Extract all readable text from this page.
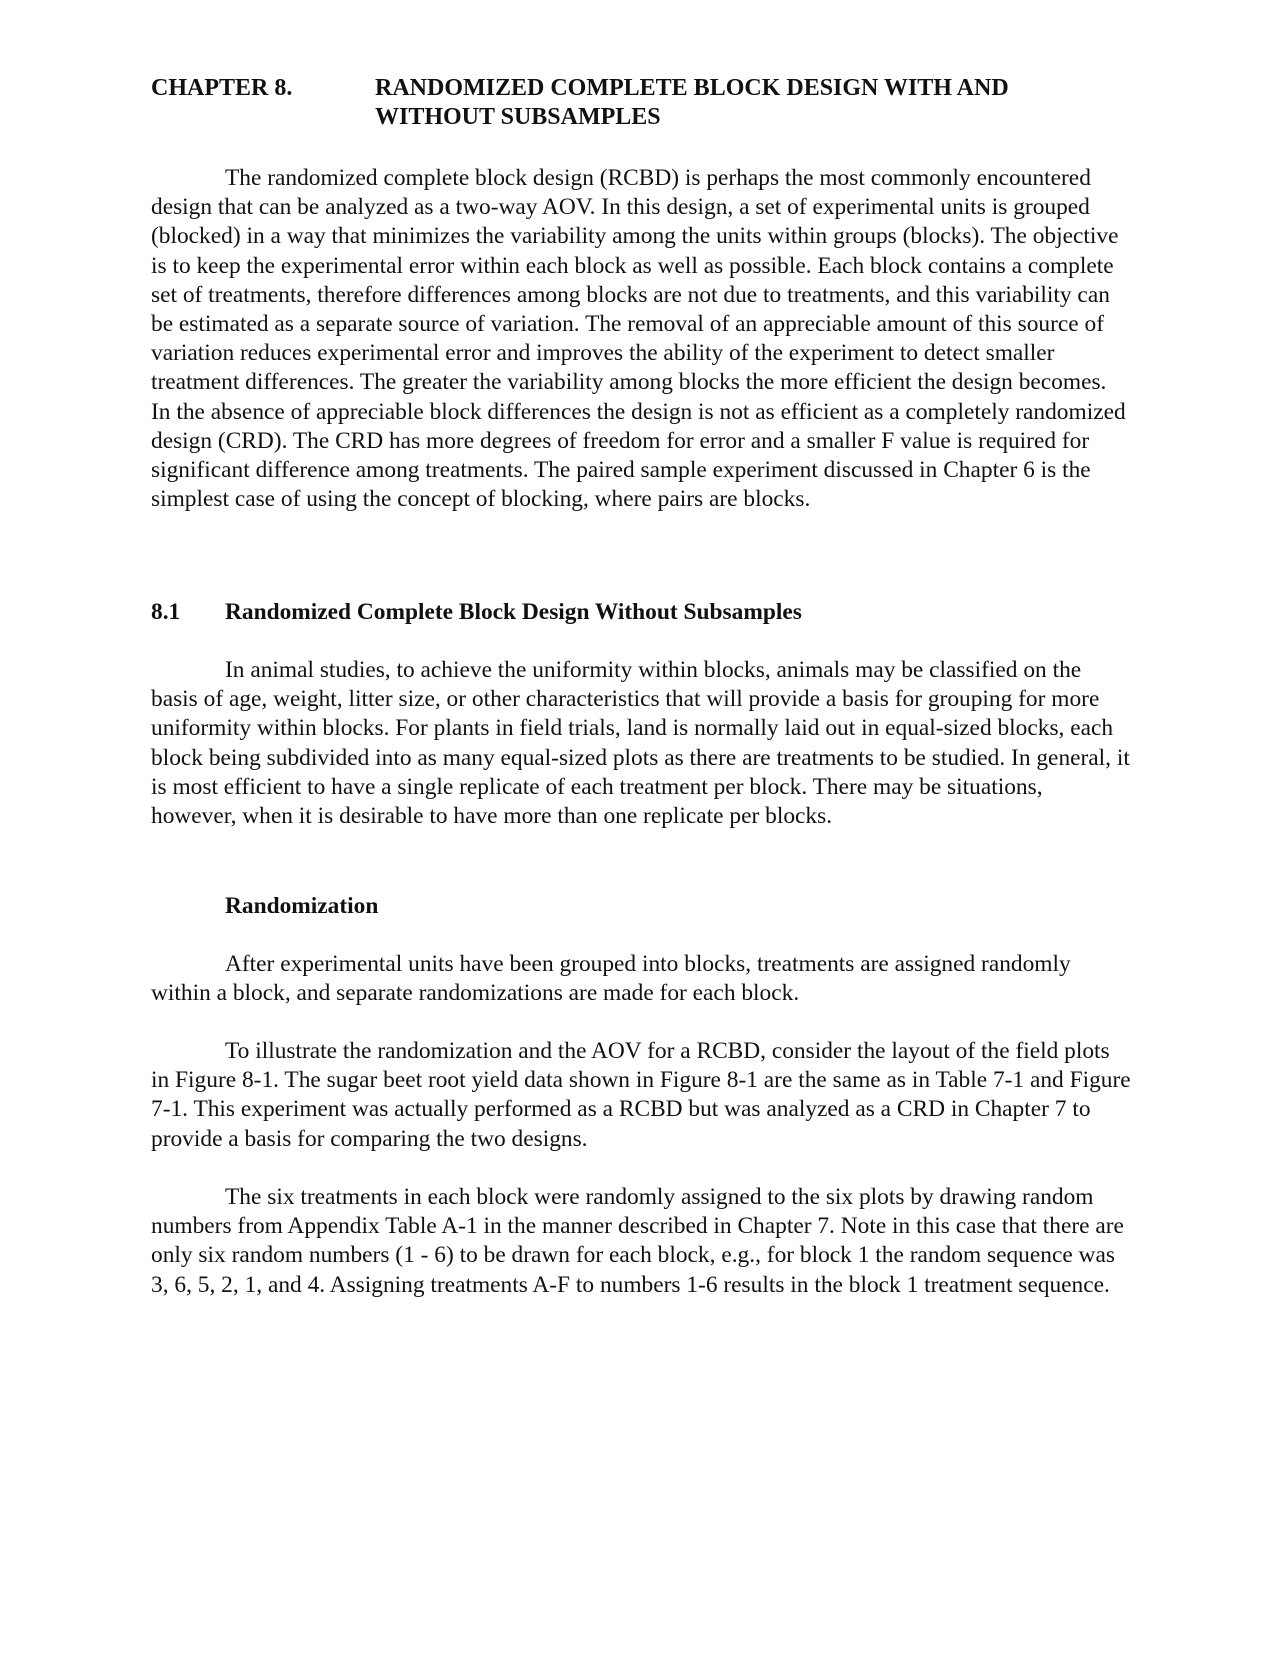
CHAPTER 8.	RANDOMIZED COMPLETE BLOCK DESIGN WITH AND WITHOUT SUBSAMPLES

The randomized complete block design (RCBD) is perhaps the most commonly encountered design that can be analyzed as a two-way AOV. In this design, a set of experimental units is grouped (blocked) in a way that minimizes the variability among the units within groups (blocks). The objective is to keep the experimental error within each block as well as possible. Each block contains a complete set of treatments, therefore differences among blocks are not due to treatments, and this variability can be estimated as a separate source of variation. The removal of an appreciable amount of this source of variation reduces experimental error and improves the ability of the experiment to detect smaller treatment differences. The greater the variability among blocks the more efficient the design becomes. In the absence of appreciable block differences the design is not as efficient as a completely randomized design (CRD). The CRD has more degrees of freedom for error and a smaller F value is required for significant difference among treatments. The paired sample experiment discussed in Chapter 6 is the simplest case of using the concept of blocking, where pairs are blocks.

8.1 Randomized Complete Block Design Without Subsamples

In animal studies, to achieve the uniformity within blocks, animals may be classified on the basis of age, weight, litter size, or other characteristics that will provide a basis for grouping for more uniformity within blocks. For plants in field trials, land is normally laid out in equal-sized blocks, each block being subdivided into as many equal-sized plots as there are treatments to be studied. In general, it is most efficient to have a single replicate of each treatment per block. There may be situations, however, when it is desirable to have more than one replicate per blocks.

Randomization

After experimental units have been grouped into blocks, treatments are assigned randomly within a block, and separate randomizations are made for each block.

To illustrate the randomization and the AOV for a RCBD, consider the layout of the field plots in Figure 8-1. The sugar beet root yield data shown in Figure 8-1 are the same as in Table 7-1 and Figure 7-1. This experiment was actually performed as a RCBD but was analyzed as a CRD in Chapter 7 to provide a basis for comparing the two designs.

The six treatments in each block were randomly assigned to the six plots by drawing random numbers from Appendix Table A-1 in the manner described in Chapter 7. Note in this case that there are only six random numbers (1 - 6) to be drawn for each block, e.g., for block 1 the random sequence was 3, 6, 5, 2, 1, and 4. Assigning treatments A-F to numbers 1-6 results in the block 1 treatment sequence.
